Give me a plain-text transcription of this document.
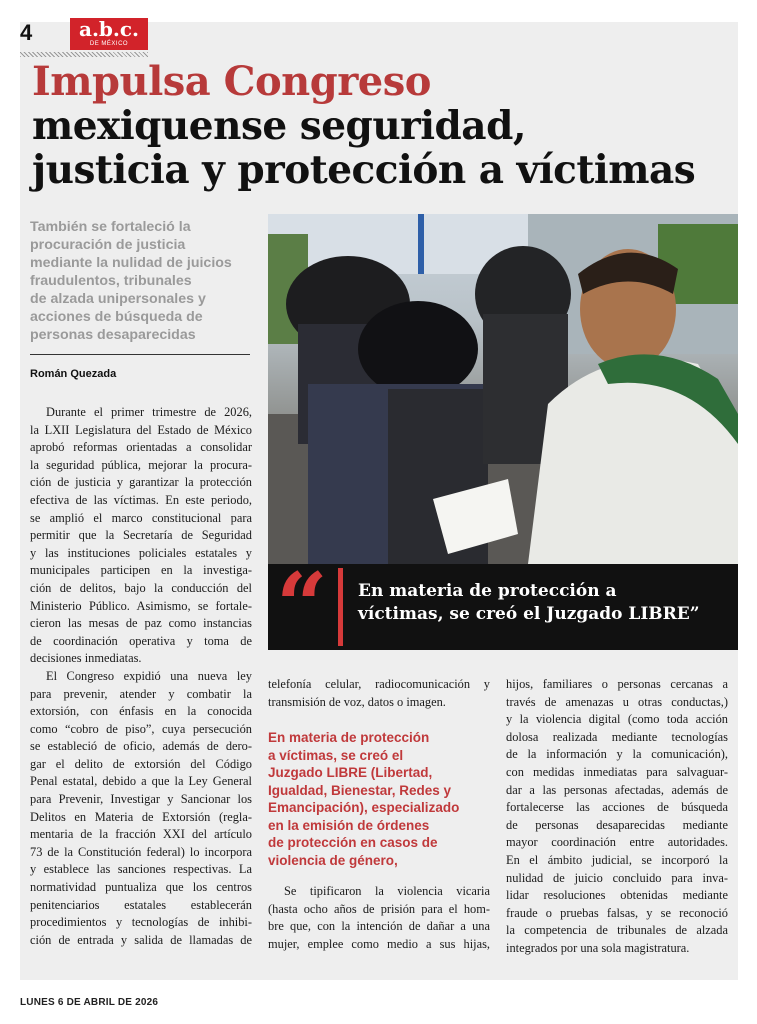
4	a.b.c.
DE MÉXICO
Impulsa Congreso
mexiquense seguridad,
justicia y protección a víctimas
También se fortaleció la
procuración de justicia
mediante la nulidad de juicios
fraudulentos, tribunales
de alzada unipersonales y
acciones de búsqueda de
personas desaparecidas
Román Quezada
“ En materia de protección a
víctimas, se creó el Juzgado LIBRE”
Durante el primer trimestre de 2026,
la LXII Legislatura del Estado de México
aprobó reformas orientadas a consolidar
la seguridad pública, mejorar la procura-
ción de justicia y garantizar la protección
efectiva de las víctimas. En este periodo,
se amplió el marco constitucional para
permitir que la Secretaría de Seguridad
y las instituciones policiales estatales y
municipales participen en la investiga-
ción de delitos, bajo la conducción del
Ministerio Público. Asimismo, se fortale-
cieron las mesas de paz como instancias
de coordinación operativa y toma de
decisiones inmediatas.
El Congreso expidió una nueva ley
para prevenir, atender y combatir la
extorsión, con énfasis en la conocida
como “cobro de piso”, cuya persecución
se estableció de oficio, además de dero-
gar el delito de extorsión del Código
Penal estatal, debido a que la Ley General
para Prevenir, Investigar y Sancionar los
Delitos en Materia de Extorsión (regla-
mentaria de la fracción XXI del artículo
73 de la Constitución federal) lo incorpora
y establece las sanciones respectivas. La
normatividad puntualiza que los centros
penitenciarios estatales establecerán
procedimientos y tecnologías de inhibi-
ción de entrada y salida de llamadas de
telefonía celular, radiocomunicación y
transmisión de voz, datos o imagen.
En materia de protección
a víctimas, se creó el
Juzgado LIBRE (Libertad,
Igualdad, Bienestar, Redes y
Emancipación), especializado
en la emisión de órdenes
de protección en casos de
violencia de género,
Se tipificaron la violencia vicaria
(hasta ocho años de prisión para el hom-
bre que, con la intención de dañar a una
mujer, emplee como medio a sus hijas,
hijos, familiares o personas cercanas a
través de amenazas u otras conductas,)
y la violencia digital (como toda acción
dolosa realizada mediante tecnologías
de la información y la comunicación),
con medidas inmediatas para salvaguar-
dar a las personas afectadas, además de
fortalecerse las acciones de búsqueda
de personas desaparecidas mediante
mayor coordinación entre autoridades.
En el ámbito judicial, se incorporó la
nulidad de juicio concluido para inva-
lidar resoluciones obtenidas mediante
fraude o pruebas falsas, y se reconoció
la competencia de tribunales de alzada
integrados por una sola magistratura.
LUNES 6 DE ABRIL DE 2026
